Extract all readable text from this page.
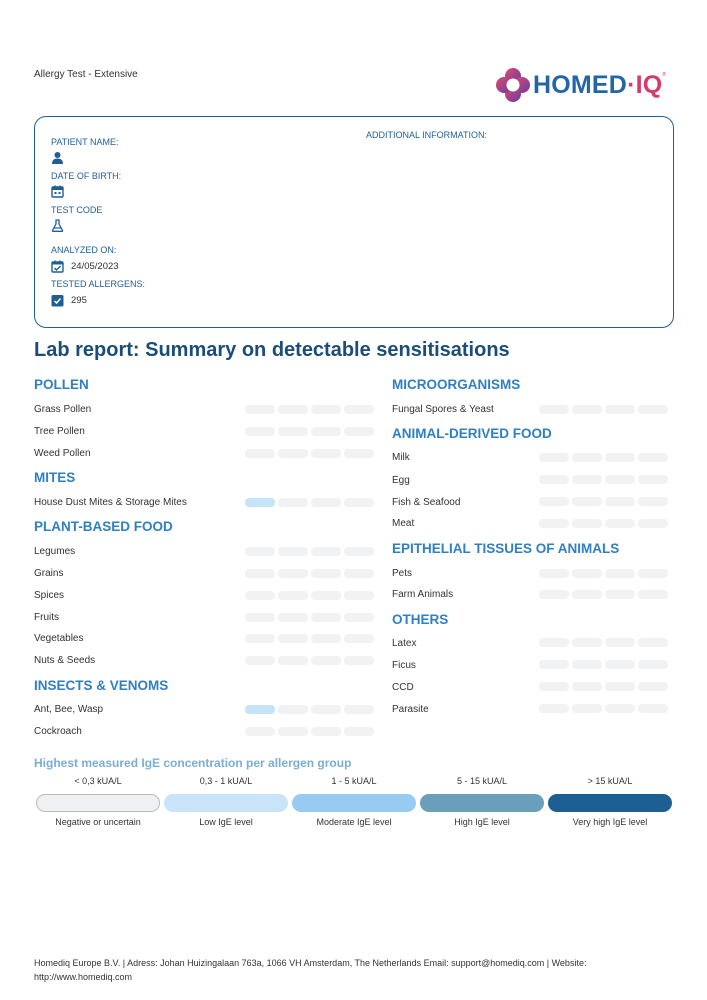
Allergy Test - Extensive	HOMED·IQ ®
PATIENT NAME:
DATE OF BIRTH:
TEST CODE
ANALYZED ON:
24/05/2023
TESTED ALLERGENS:
295
ADDITIONAL INFORMATION:
Lab report: Summary on detectable sensitisations
POLLEN
Grass Pollen
Tree Pollen
Weed Pollen
MITES
House Dust Mites & Storage Mites
PLANT-BASED FOOD
Legumes
Grains
Spices
Fruits
Vegetables
Nuts & Seeds
INSECTS & VENOMS
Ant, Bee, Wasp
Cockroach
MICROORGANISMS
Fungal Spores & Yeast
ANIMAL-DERIVED FOOD
Milk
Egg
Fish & Seafood
Meat
EPITHELIAL TISSUES OF ANIMALS
Pets
Farm Animals
OTHERS
Latex
Ficus
CCD
Parasite
Highest measured IgE concentration per allergen group
< 0,3 kUA/L	0,3 - 1 kUA/L	1 - 5 kUA/L	5 - 15 kUA/L	> 15 kUA/L
Negative or uncertain	Low IgE level	Moderate IgE level	High IgE level	Very high IgE level
Homediq Europe B.V. | Adress: Johan Huizingalaan 763a, 1066 VH Amsterdam, The Netherlands Email: support@homediq.com | Website:
http://www.homediq.com
